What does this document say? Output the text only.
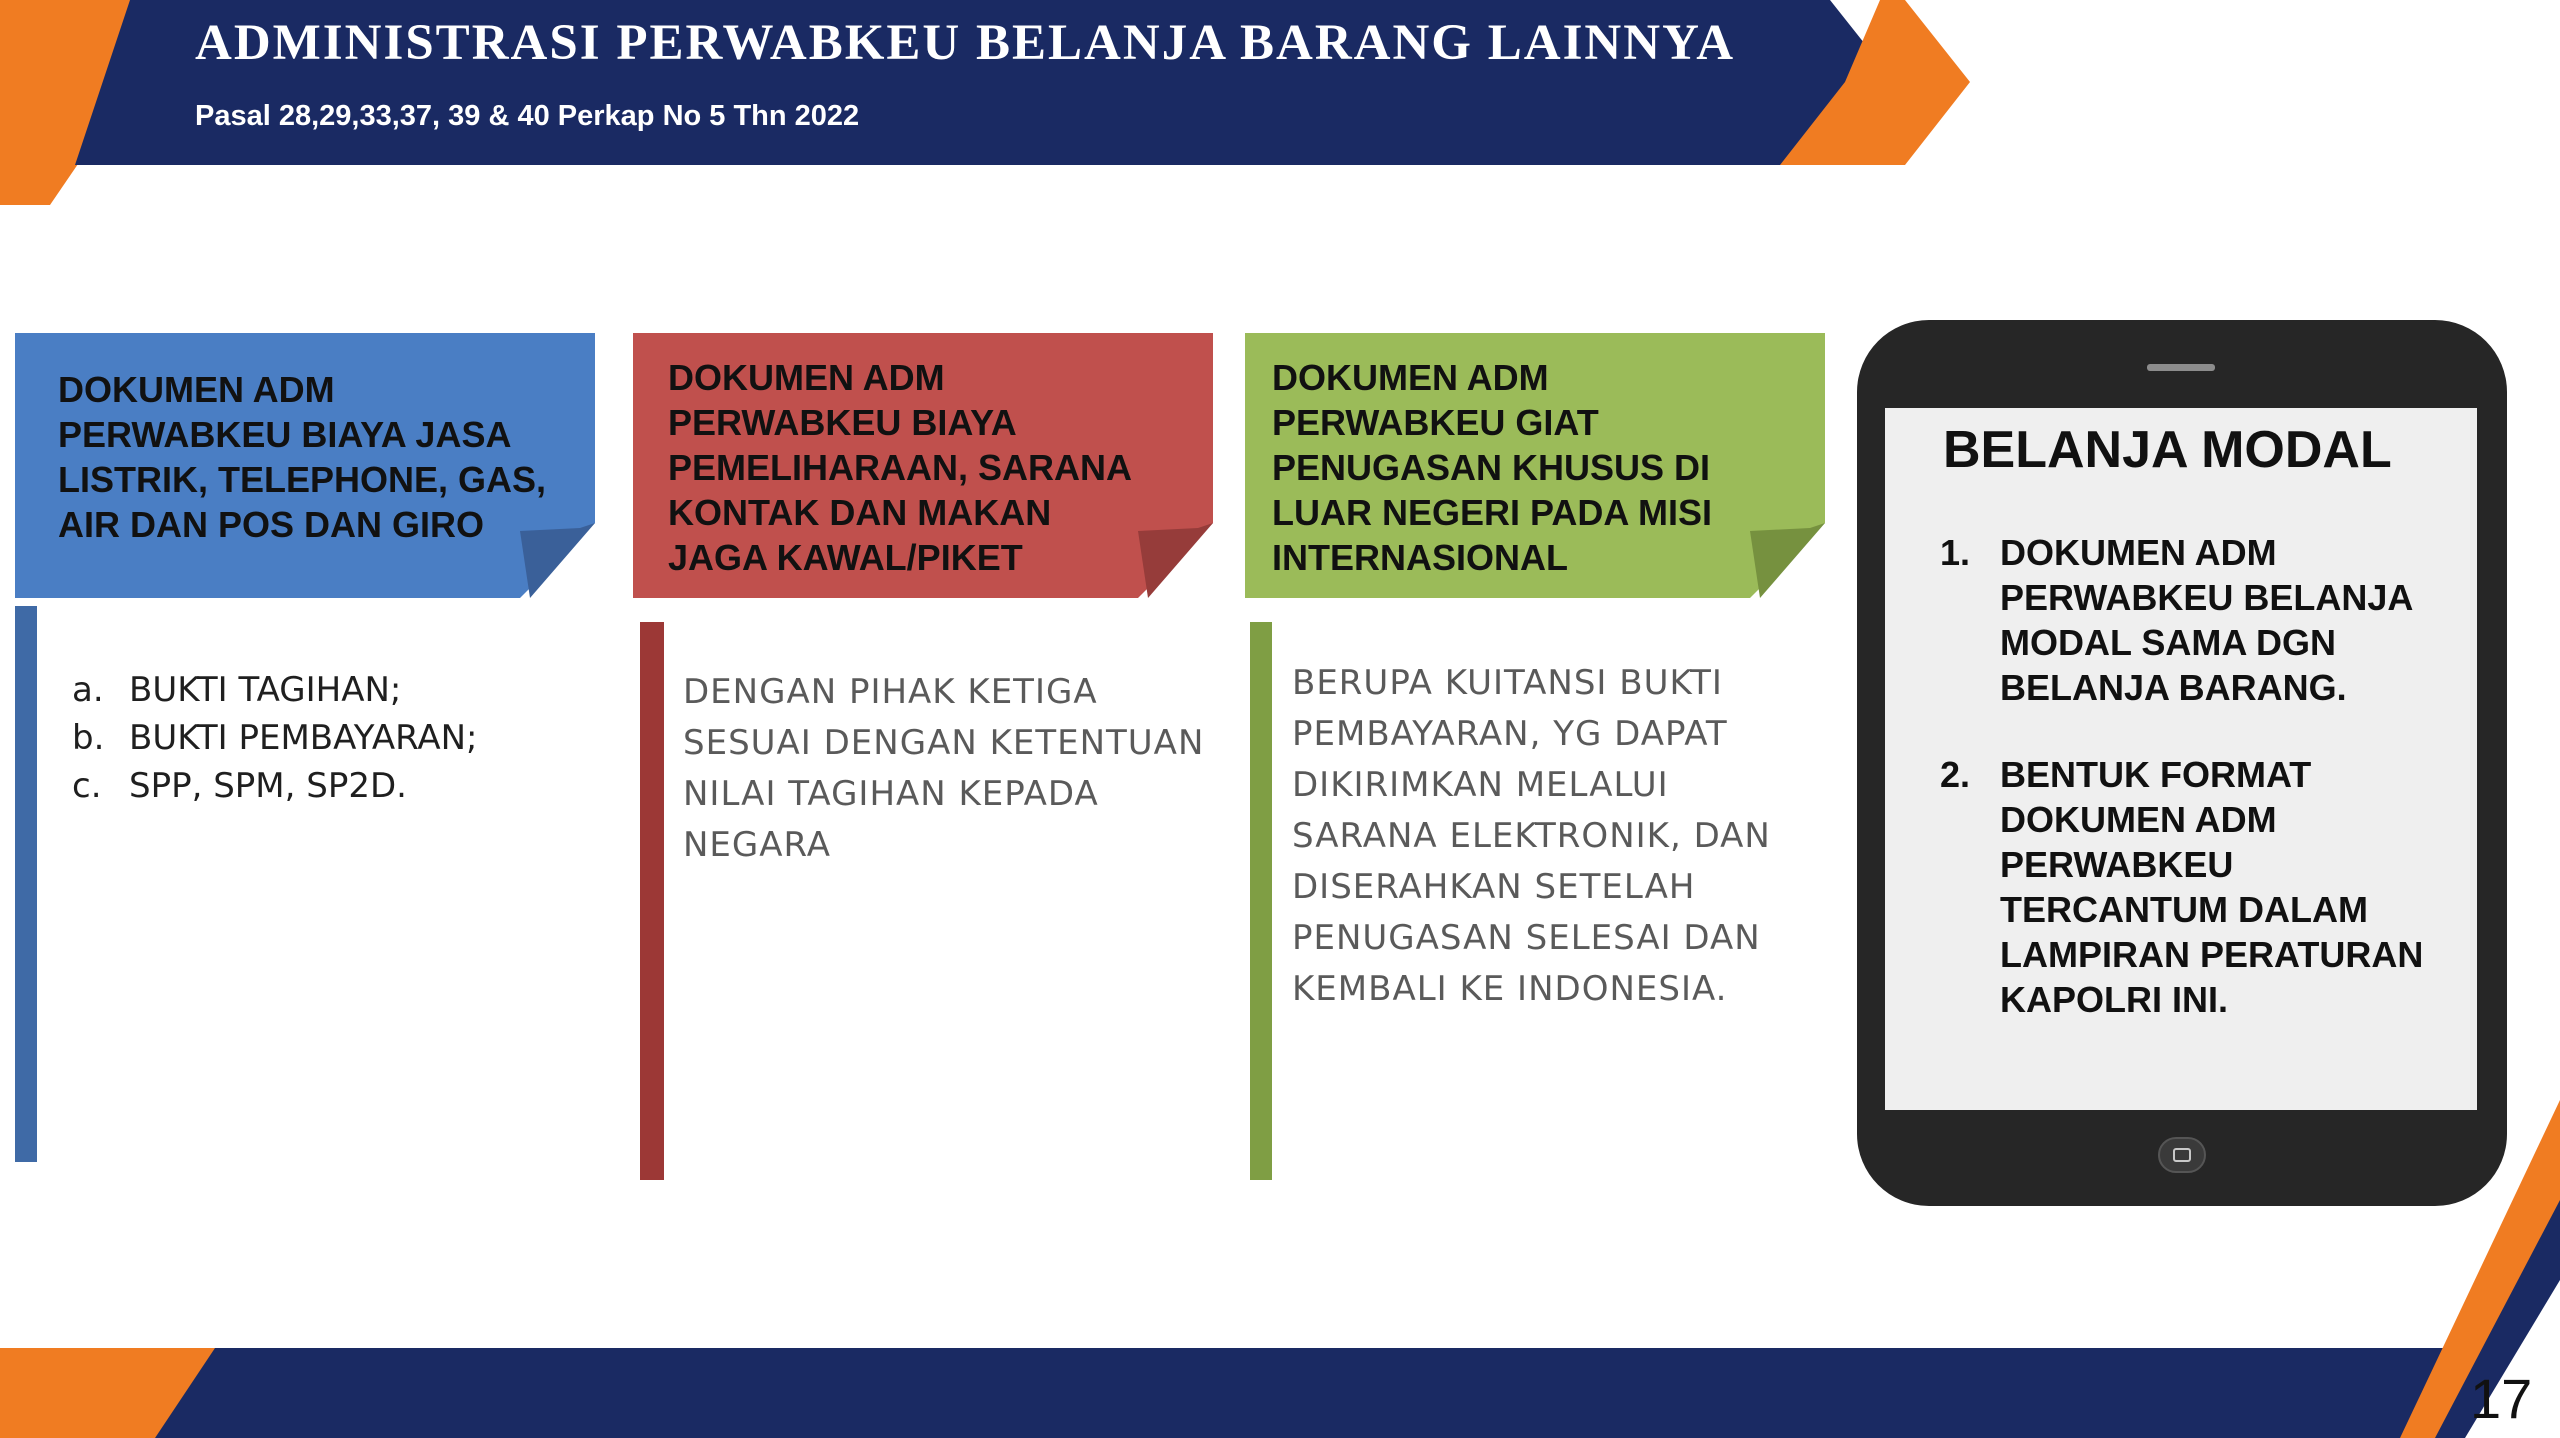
ADMINISTRASI PERWABKEU BELANJA BARANG LAINNYA
Pasal 28,29,33,37, 39 & 40 Perkap No 5 Thn 2022
DOKUMEN ADM
PERWABKEU BIAYA JASA
LISTRIK, TELEPHONE, GAS,
AIR DAN POS DAN GIRO
a. BUKTI TAGIHAN;
b. BUKTI PEMBAYARAN;
c. SPP, SPM, SP2D.
DOKUMEN ADM
PERWABKEU BIAYA
PEMELIHARAAN, SARANA
KONTAK DAN MAKAN
JAGA KAWAL/PIKET
DENGAN PIHAK KETIGA
SESUAI DENGAN KETENTUAN
NILAI TAGIHAN KEPADA
NEGARA
DOKUMEN ADM
PERWABKEU GIAT
PENUGASAN KHUSUS DI
LUAR NEGERI PADA MISI
INTERNASIONAL
BERUPA KUITANSI BUKTI
PEMBAYARAN, YG DAPAT
DIKIRIMKAN MELALUI
SARANA ELEKTRONIK, DAN
DISERAHKAN SETELAH
PENUGASAN SELESAI DAN
KEMBALI KE INDONESIA.
BELANJA MODAL
1. DOKUMEN ADM
PERWABKEU BELANJA
MODAL SAMA DGN
BELANJA BARANG.
2. BENTUK FORMAT
DOKUMEN ADM
PERWABKEU
TERCANTUM DALAM
LAMPIRAN PERATURAN
KAPOLRI INI.
17
